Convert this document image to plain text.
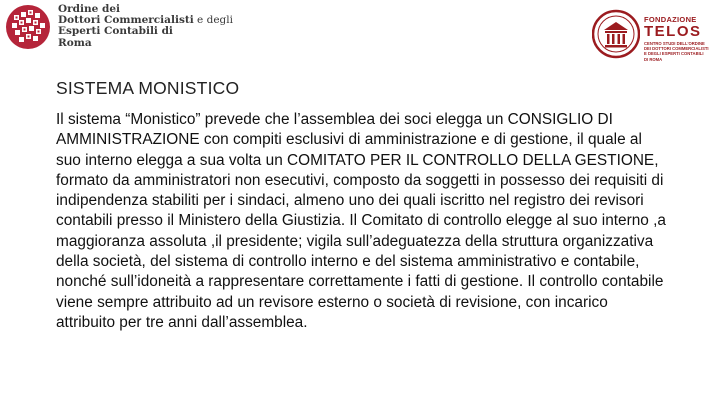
Ordine dei
Dottori Commercialisti e degli
Esperti Contabili di
Roma
FONDAZIONE
TELOS
CENTRO STUDI DELL'ORDINE
DEI DOTTORI COMMERCIALISTI
E DEGLI ESPERTI CONTABILI
DI ROMA
SISTEMA MONISTICO
Il sistema “Monistico” prevede che l’assemblea dei soci elegga un CONSIGLIO DI AMMINISTRAZIONE con compiti esclusivi di amministrazione e di gestione, il quale al suo interno elegga a sua volta un COMITATO PER IL CONTROLLO DELLA GESTIONE, formato da amministratori non esecutivi, composto da soggetti in possesso dei requisiti di indipendenza stabiliti per i sindaci, almeno uno dei quali iscritto nel registro dei revisori contabili presso il Ministero della Giustizia. Il Comitato di controllo elegge al suo interno ,a maggioranza assoluta ,il presidente; vigila sull’adeguatezza della struttura organizzativa della società, del sistema di controllo interno e del sistema amministrativo e contabile, nonché sull’idoneità a rappresentare correttamente i fatti di gestione. Il controllo contabile viene sempre attribuito ad un revisore esterno o società di revisione, con incarico attribuito per tre anni dall’assemblea.
